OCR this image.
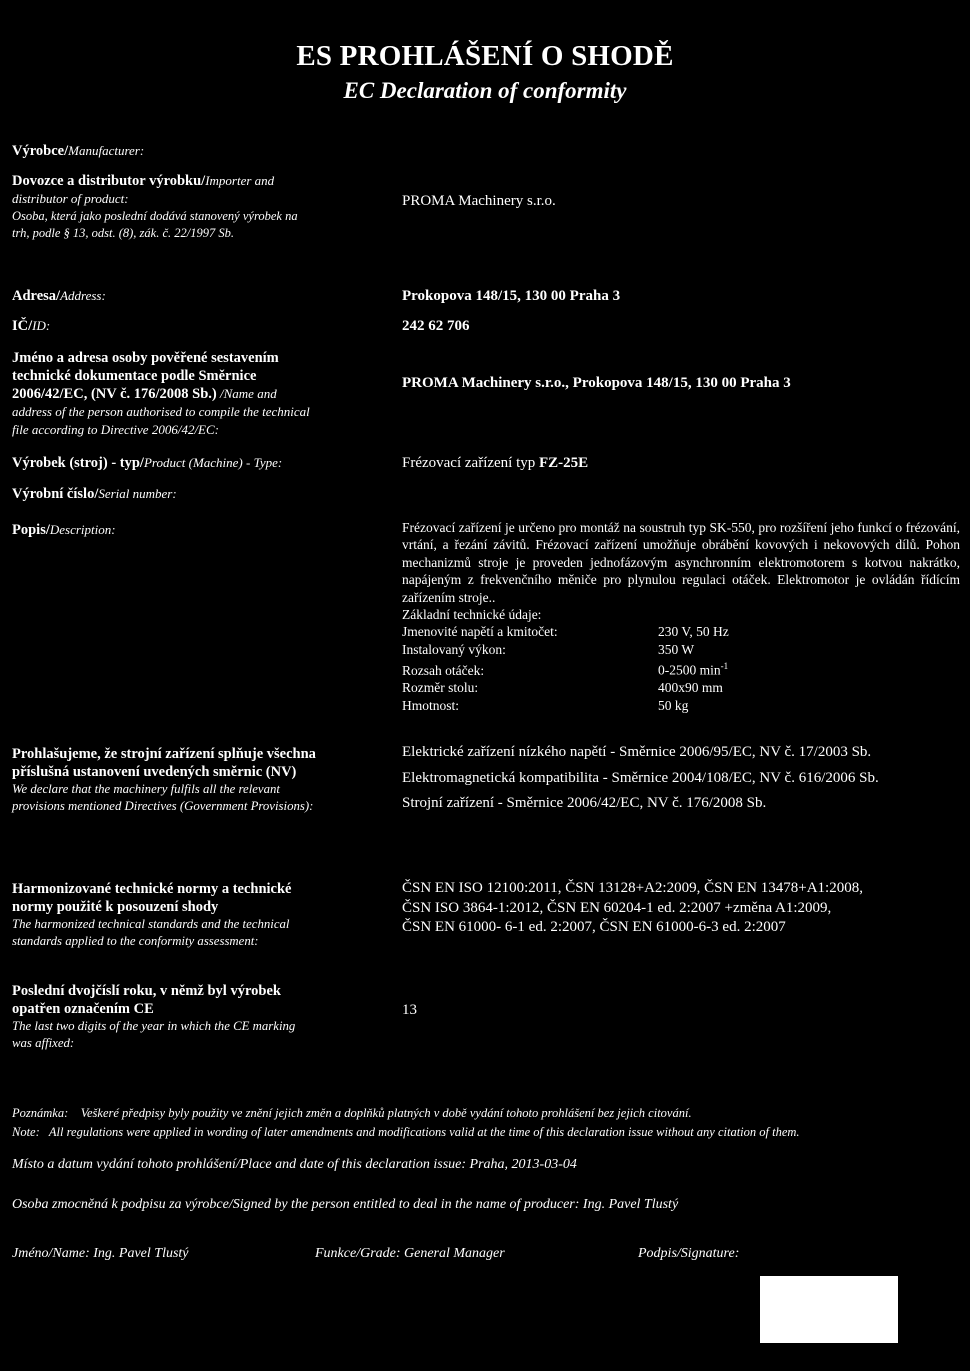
ES PROHLÁŠENÍ O SHODĚ
EC Declaration of conformity
Výrobce/Manufacturer:
Dovozce a distributor výrobku/Importer and
distributor of product:
Osoba, která jako poslední dodává stanovený výrobek na
trh, podle § 13, odst. (8), zák. č. 22/1997 Sb.
PROMA Machinery s.r.o.
Adresa/Address:	Prokopova 148/15, 130 00 Praha 3
IČ/ID:	242 62 706
Jméno a adresa osoby pověřené sestavením
technické dokumentace podle Směrnice
2006/42/EC, (NV č. 176/2008 Sb.) /Name and
address of the person authorised to compile the technical
file according to Directive 2006/42/EC:
PROMA Machinery s.r.o., Prokopova 148/15, 130 00 Praha 3
Výrobek (stroj) - typ/Product (Machine) - Type:	Frézovací zařízení typ FZ-25E
Výrobní číslo/Serial number:
Popis/Description:	Frézovací zařízení je určeno pro montáž na soustruh typ SK-550, pro rozšíření jeho funkcí o frézování, vrtání, a řezání závitů. Frézovací zařízení umožňuje obrábění kovových i nekovových dílů. Pohon mechanizmů stroje je proveden jednofázovým asynchronním elektromotorem s kotvou nakrátko, napájeným z frekvenčního měniče pro plynulou regulaci otáček. Elektromotor je ovládán řídícím zařízením stroje..
Základní technické údaje:
Jmenovité napětí a kmitočet:	230 V, 50 Hz
Instalovaný výkon:	350 W
Rozsah otáček:	0-2500 $\min^{-1}$
Rozměr stolu:	400x90 mm
Hmotnost:	50 kg
Prohlašujeme, že strojní zařízení splňuje všechna
příslušná ustanovení uvedených směrnic (NV)
We declare that the machinery fulfils all the relevant
provisions mentioned Directives (Government Provisions):
Elektrické zařízení nízkého napětí - Směrnice 2006/95/EC, NV č. 17/2003 Sb.
Elektromagnetická kompatibilita - Směrnice 2004/108/EC, NV č. 616/2006 Sb.
Strojní zařízení - Směrnice 2006/42/EC, NV č. 176/2008 Sb.
Harmonizované technické normy a technické
normy použité k posouzení shody
The harmonized technical standards and the technical
standards applied to the conformity assessment:
ČSN EN ISO 12100:2011, ČSN 13128+A2:2009, ČSN EN 13478+A1:2008,
ČSN ISO 3864-1:2012, ČSN EN 60204-1 ed. 2:2007 +změna A1:2009,
ČSN EN 61000- 6-1 ed. 2:2007, ČSN EN 61000-6-3 ed. 2:2007
Poslední dvojčíslí roku, v němž byl výrobek
opatřen označením CE
The last two digits of the year in which the CE marking
was affixed:
13
Poznámka:    Veškeré předpisy byly použity ve znění jejich změn a doplňků platných v době vydání tohoto prohlášení bez jejich citování.
Note:   All regulations were applied in wording of later amendments and modifications valid at the time of this declaration issue without any citation of them.
Místo a datum vydání tohoto prohlášení/Place and date of this declaration issue: Praha, 2013-03-04
Osoba zmocněná k podpisu za výrobce/Signed by the person entitled to deal in the name of producer: Ing. Pavel Tlustý
Jméno/Name: Ing. Pavel Tlustý	Funkce/Grade: General Manager	Podpis/Signature:
